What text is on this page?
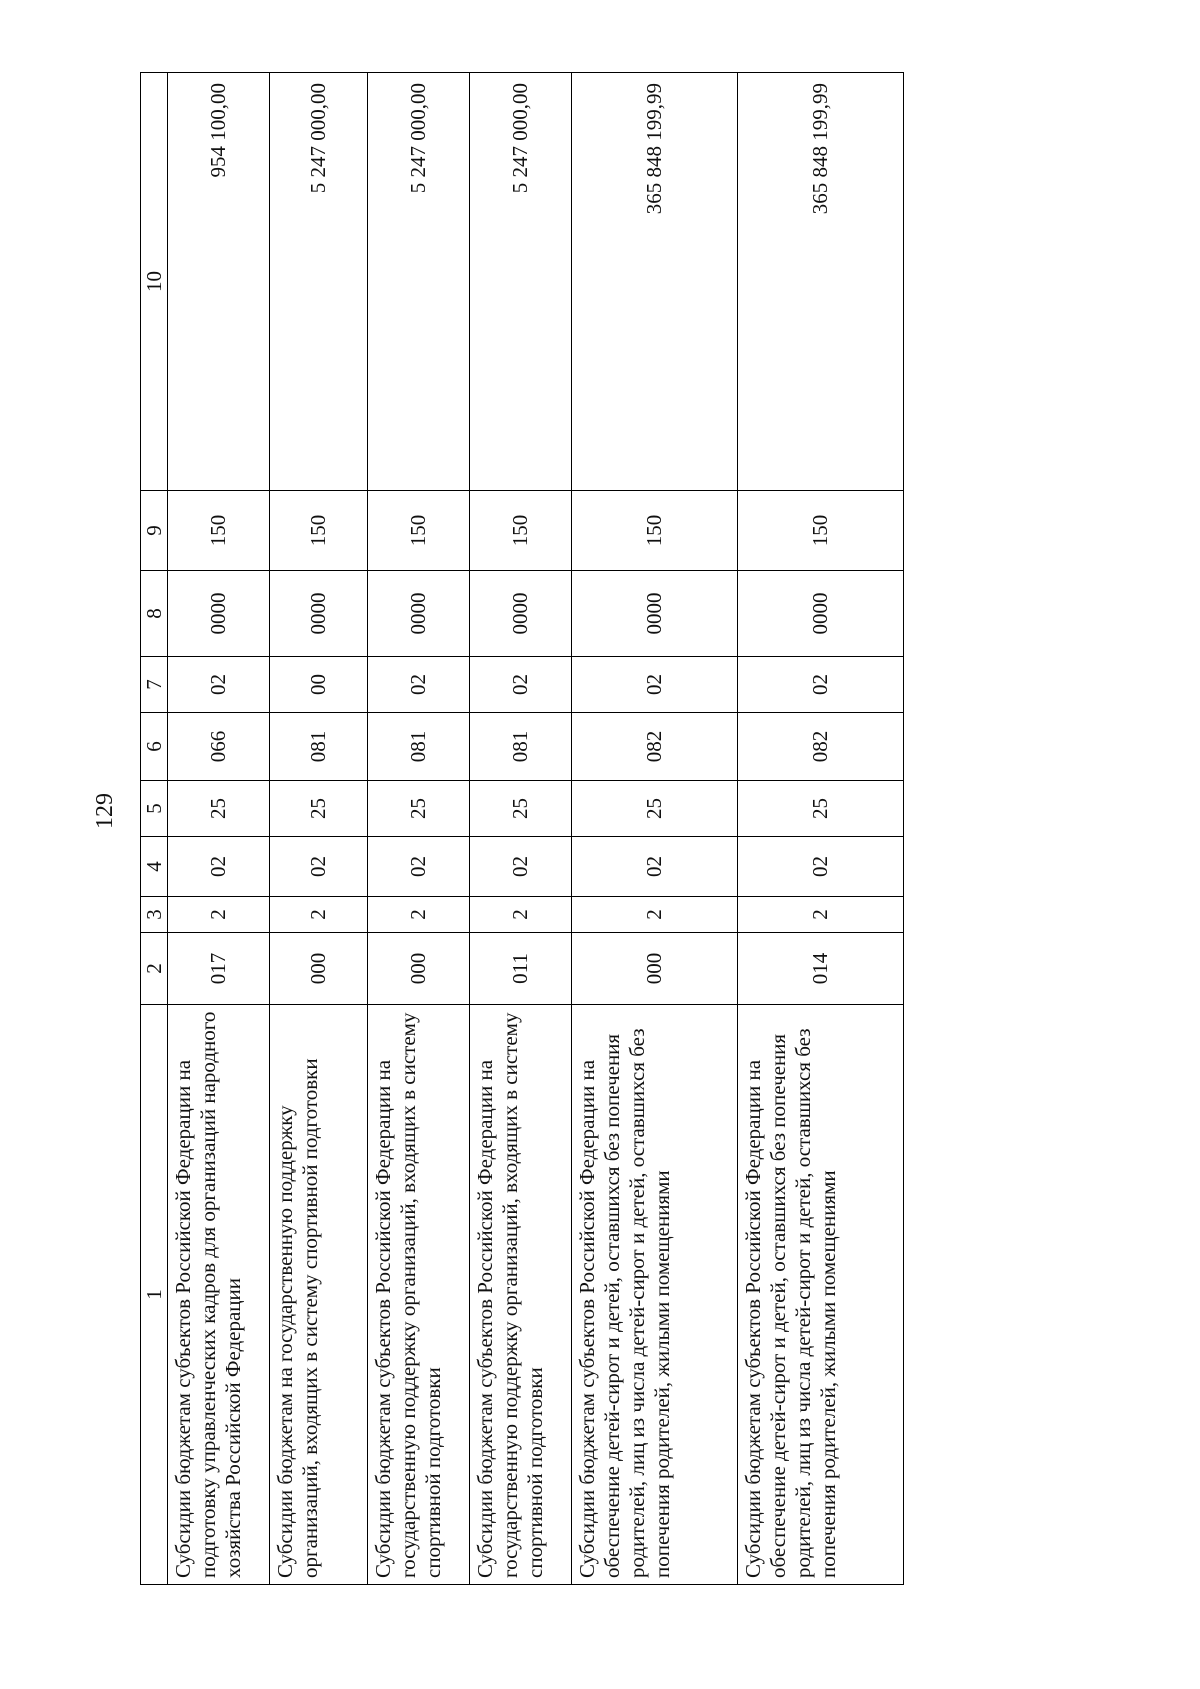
129
1	2	3	4	5	6	7	8	9	10
Субсидии бюджетам субъектов Российской Федерации на подготовку управленческих кадров для организаций народного хозяйства Российской Федерации	017	2	02	25	066	02	0000	150	954 100,00
Субсидии бюджетам на государственную поддержку организаций, входящих в систему спортивной подготовки	000	2	02	25	081	00	0000	150	5 247 000,00
Субсидии бюджетам субъектов Российской Федерации на государственную поддержку организаций, входящих в систему спортивной подготовки	000	2	02	25	081	02	0000	150	5 247 000,00
Субсидии бюджетам субъектов Российской Федерации на государственную поддержку организаций, входящих в систему спортивной подготовки	011	2	02	25	081	02	0000	150	5 247 000,00
Субсидии бюджетам субъектов Российской Федерации на обеспечение детей-сирот и детей, оставшихся без попечения родителей, лиц из числа детей-сирот и детей, оставшихся без попечения родителей, жилыми помещениями	000	2	02	25	082	02	0000	150	365 848 199,99
Субсидии бюджетам субъектов Российской Федерации на обеспечение детей-сирот и детей, оставшихся без попечения родителей, лиц из числа детей-сирот и детей, оставшихся без попечения родителей, жилыми помещениями	014	2	02	25	082	02	0000	150	365 848 199,99
